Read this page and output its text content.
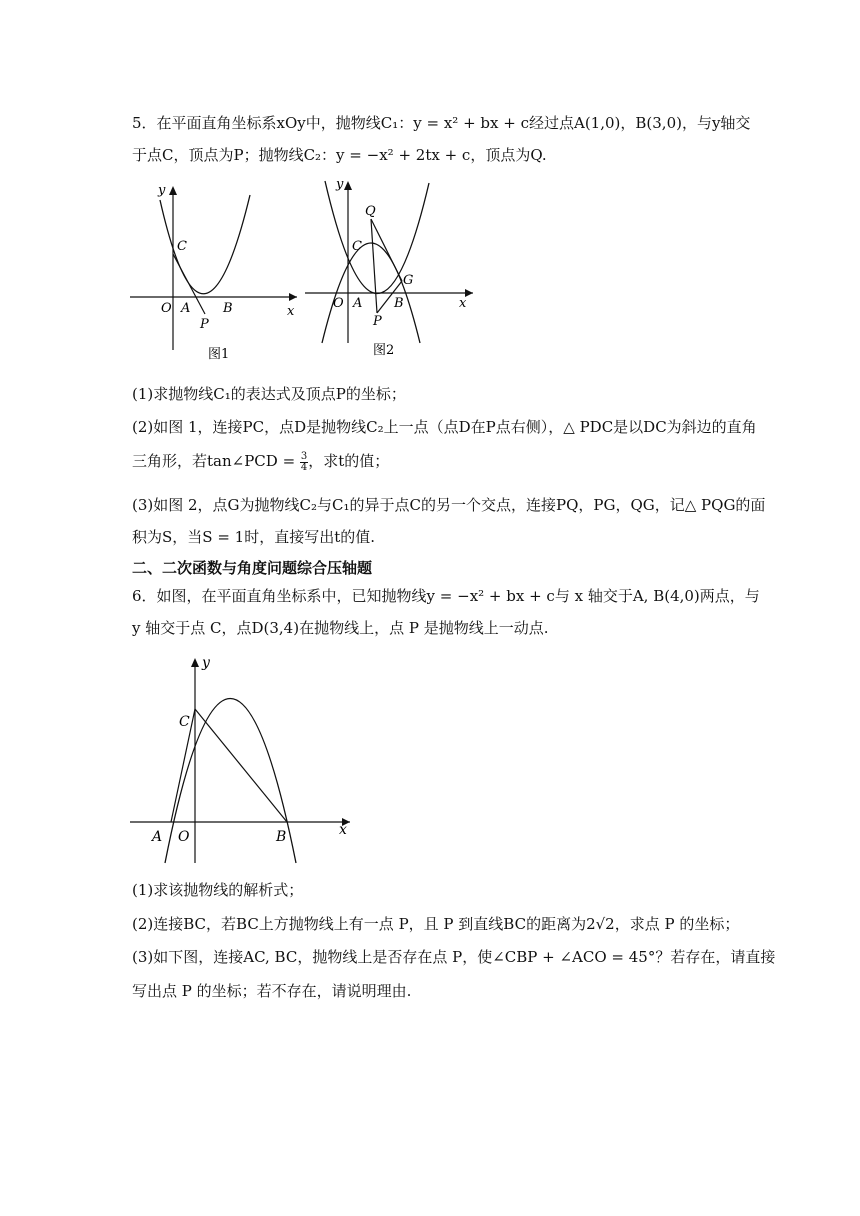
5．在平面直角坐标系xOy中，抛物线C₁：y = x² + bx + c经过点A(1,0)，B(3,0)，与y轴交
于点C，顶点为P；抛物线C₂：y = −x² + 2tx + c，顶点为Q.
y
x
C
O A	B
P
图1
y
x
Q
C
G
O A B
P
图2
(1)求抛物线C₁的表达式及顶点P的坐标；
(2)如图 1，连接PC，点D是抛物线C₂上一点（点D在P点右侧），△ PDC是以DC为斜边的直角
三角形，若tan∠PCD = $\frac{3}{4}$ ，求t的值；
(3)如图 2，点G为抛物线C₂与C₁的异于点C的另一个交点，连接PQ，PG，QG，记△ PQG的面
积为S，当S = 1时，直接写出t的值.
二、二次函数与角度问题综合压轴题
6．如图，在平面直角坐标系中，已知抛物线y = −x² + bx + c与 x 轴交于A, B(4,0)两点，与
y 轴交于点 C，点D(3,4)在抛物线上，点 P 是抛物线上一动点.
y
x
C
A O	B
(1)求该抛物线的解析式；
(2)连接BC，若BC上方抛物线上有一点 P，且 P 到直线BC的距离为2√2，求点 P 的坐标；
(3)如下图，连接AC, BC，抛物线上是否存在点 P，使∠CBP + ∠ACO = 45°？若存在，请直接
写出点 P 的坐标；若不存在，请说明理由.
